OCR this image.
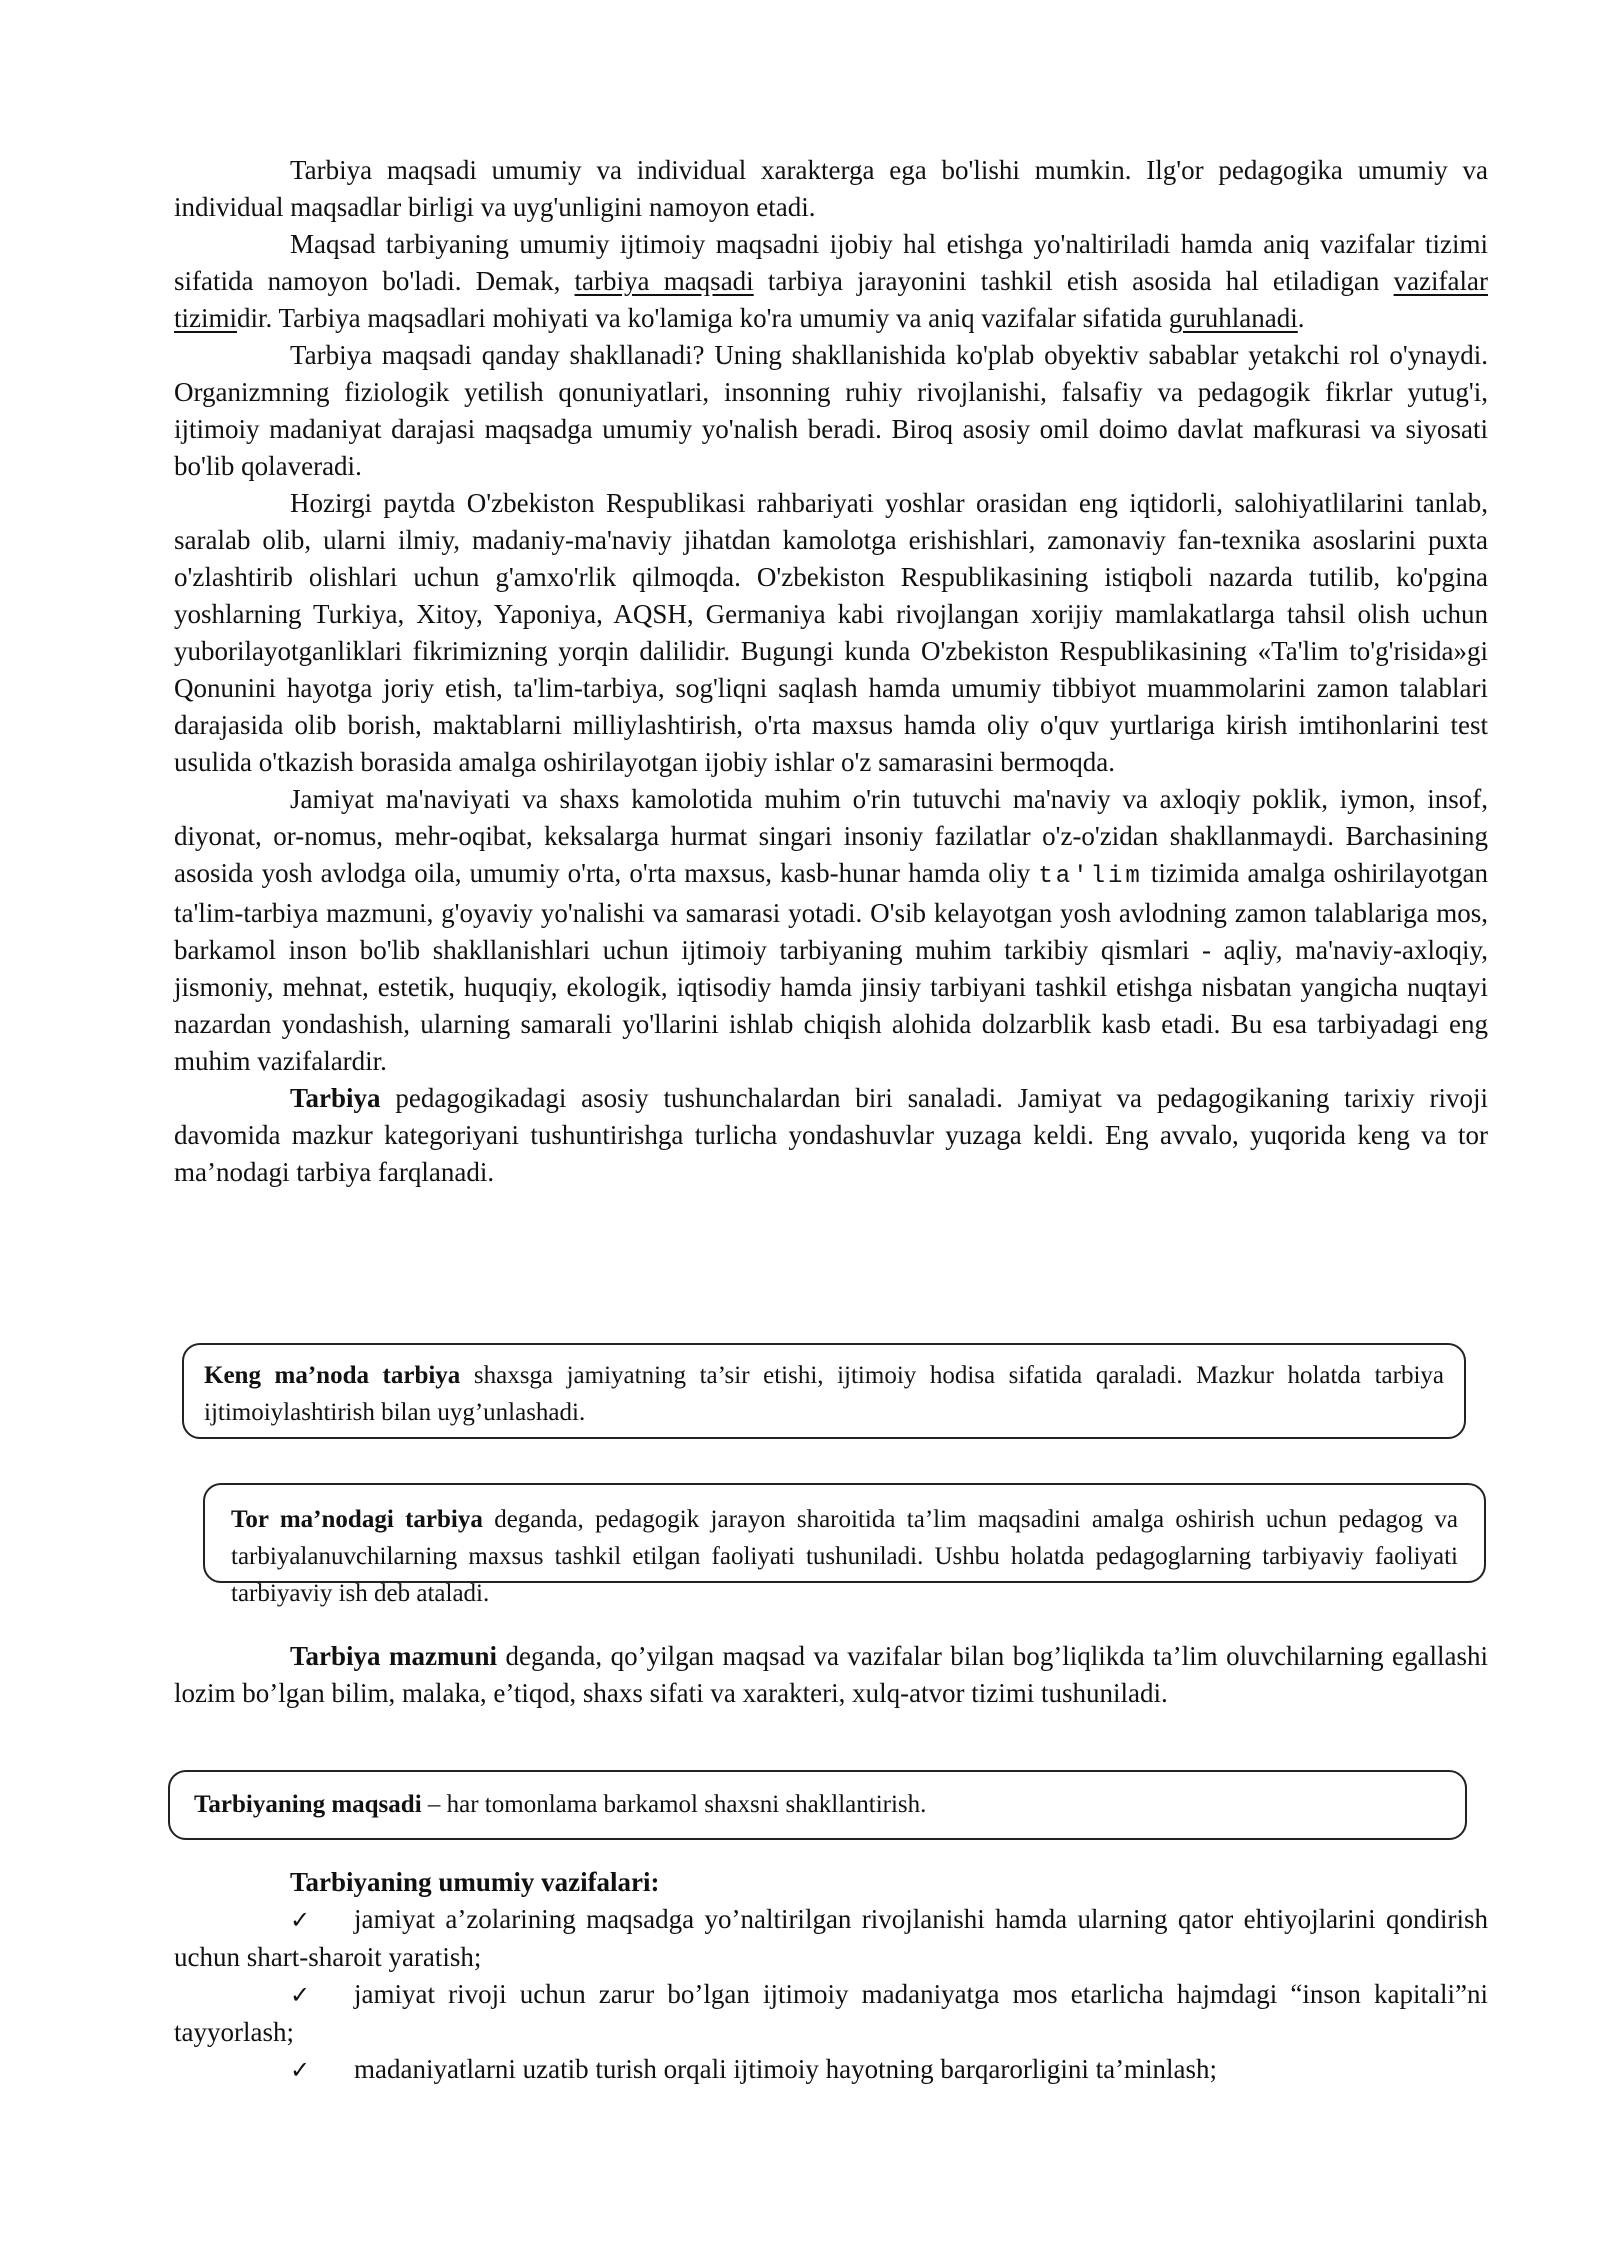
Tarbiya maqsadi umumiy va individual xarakterga ega bo'lishi mumkin. Ilg'or pedagogika umumiy va individual maqsadlar birligi va uyg'unligini namoyon etadi.

Maqsad tarbiyaning umumiy ijtimoiy maqsadni ijobiy hal etishga yo'naltiriladi hamda aniq vazifalar tizimi sifatida namoyon bo'ladi. Demak, tarbiya maqsadi tarbiya jarayonini tashkil etish asosida hal etiladigan vazifalar tizimidir. Tarbiya maqsadlari mohiyati va ko'lamiga ko'ra umumiy va aniq vazifalar sifatida guruhlanadi.

Tarbiya maqsadi qanday shakllanadi? Uning shakllanishida ko'plab obyektiv sabablar yetakchi rol o'ynaydi. Organizmning fiziologik yetilish qonuniyatlari, insonning ruhiy rivojlanishi, falsafiy va pedagogik fikrlar yutug'i, ijtimoiy madaniyat darajasi maqsadga umumiy yo'nalish beradi. Biroq asosiy omil doimo davlat mafkurasi va siyosati bo'lib qolaveradi.

Hozirgi paytda O'zbekiston Respublikasi rahbariyati yoshlar orasidan eng iqtidorli, salohiyatlilarini tanlab, saralab olib, ularni ilmiy, madaniy-ma'naviy jihatdan kamolotga erishishlari, zamonaviy fan-texnika asoslarini puxta o'zlashtirib olishlari uchun g'amxo'rlik qilmoqda. O'zbekiston Respublikasining istiqboli nazarda tutilib, ko'pgina yoshlarning Turkiya, Xitoy, Yaponiya, AQSH, Germaniya kabi rivojlangan xorijiy mamlakatlarga tahsil olish uchun yuborilayotganliklari fikrimizning yorqin dalilidir. Bugungi kunda O'zbekiston Respublikasining «Ta'lim to'g'risida»gi Qonunini hayotga joriy etish, ta'lim-tarbiya, sog'liqni saqlash hamda umumiy tibbiyot muammolarini zamon talablari darajasida olib borish, maktablarni milliylashtirish, o'rta maxsus hamda oliy o'quv yurtlariga kirish imtihonlarini test usulida o'tkazish borasida amalga oshirilayotgan ijobiy ishlar o'z samarasini bermoqda.

Jamiyat ma'naviyati va shaxs kamolotida muhim o'rin tutuvchi ma'naviy va axloqiy poklik, iymon, insof, diyonat, or-nomus, mehr-oqibat, keksalarga hurmat singari insoniy fazilatlar o'z-o'zidan shakllanmaydi. Barchasining asosida yosh avlodga oila, umumiy o'rta, o'rta maxsus, kasb-hunar hamda oliy ta'lim tizimida amalga oshirilayotgan ta'lim-tarbiya mazmuni, g'oyaviy yo'nalishi va samarasi yotadi. O'sib kelayotgan yosh avlodning zamon talablariga mos, barkamol inson bo'lib shakllanishlari uchun ijtimoiy tarbiyaning muhim tarkibiy qismlari - aqliy, ma'naviy-axloqiy, jismoniy, mehnat, estetik, huquqiy, ekologik, iqtisodiy hamda jinsiy tarbiyani tashkil etishga nisbatan yangicha nuqtayi nazardan yondashish, ularning samarali yo'llarini ishlab chiqish alohida dolzarblik kasb etadi. Bu esa tarbiyadagi eng muhim vazifalardir.

Tarbiya pedagogikadagi asosiy tushunchalardan biri sanaladi. Jamiyat va pedagogikaning tarixiy rivoji davomida mazkur kategoriyani tushuntirishga turlicha yondashuvlar yuzaga keldi. Eng avvalo, yuqorida keng va tor ma’nodagi tarbiya farqlanadi.

Keng ma’noda tarbiya shaxsga jamiyatning ta’sir etishi, ijtimoiy hodisa sifatida qaraladi. Mazkur holatda tarbiya ijtimoiylashtirish bilan uyg’unlashadi.

Tor ma’nodagi tarbiya deganda, pedagogik jarayon sharoitida ta’lim maqsadini amalga oshirish uchun pedagog va tarbiyalanuvchilarning maxsus tashkil etilgan faoliyati tushuniladi. Ushbu holatda pedagoglarning tarbiyaviy faoliyati tarbiyaviy ish deb ataladi.

Tarbiya mazmuni deganda, qo’yilgan maqsad va vazifalar bilan bog’liqlikda ta’lim oluvchilarning egallashi lozim bo’lgan bilim, malaka, e’tiqod, shaxs sifati va xarakteri, xulq-atvor tizimi tushuniladi.

Tarbiyaning maqsadi – har tomonlama barkamol shaxsni shakllantirish.

Tarbiyaning umumiy vazifalari:

✓ jamiyat a’zolarining maqsadga yo’naltirilgan rivojlanishi hamda ularning qator ehtiyojlarini qondirish uchun shart-sharoit yaratish;

✓ jamiyat rivoji uchun zarur bo’lgan ijtimoiy madaniyatga mos etarlicha hajmdagi “inson kapitali”ni tayyorlash;

✓ madaniyatlarni uzatib turish orqali ijtimoiy hayotning barqarorligini ta’minlash;
